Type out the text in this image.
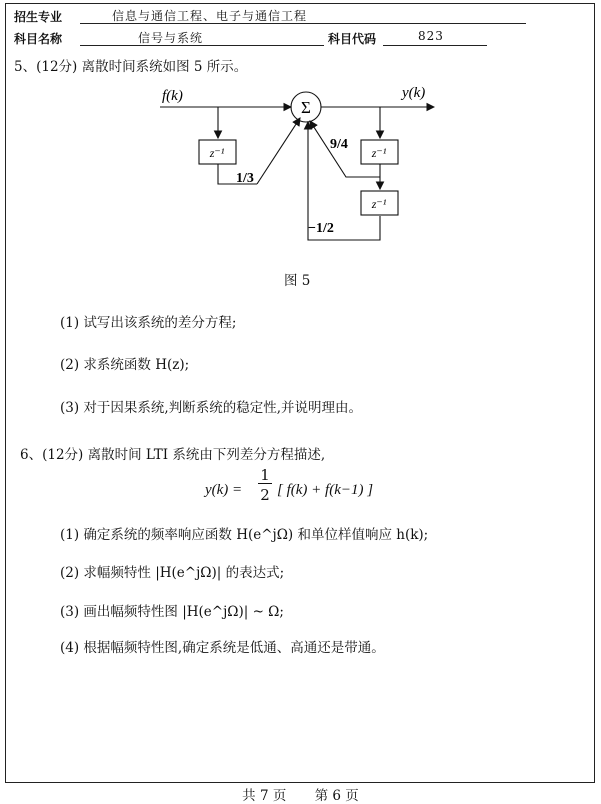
招生专业	信息与通信工程、电子与通信工程
科目名称	信号与系统	科目代码	823
5、(12分) 离散时间系统如图 5 所示。
f(k)	y(k)
Σ
z⁻¹	z⁻¹
z⁻¹
1/3
9/4
−1/2
图 5
(1) 试写出该系统的差分方程;
(2) 求系统函数 H(z);
(3) 对于因果系统,判断系统的稳定性,并说明理由。
6、(12分) 离散时间 LTI 系统由下列差分方程描述,
y(k) =
1
2 [ f(k) + f(k−1) ]
(1) 确定系统的频率响应函数 H(e^jΩ) 和单位样值响应 h(k);
(2) 求幅频特性 |H(e^jΩ)| 的表达式;
(3) 画出幅频特性图 |H(e^jΩ)| ~ Ω;
(4) 根据幅频特性图,确定系统是低通、高通还是带通。
共 7 页 第 6 页
